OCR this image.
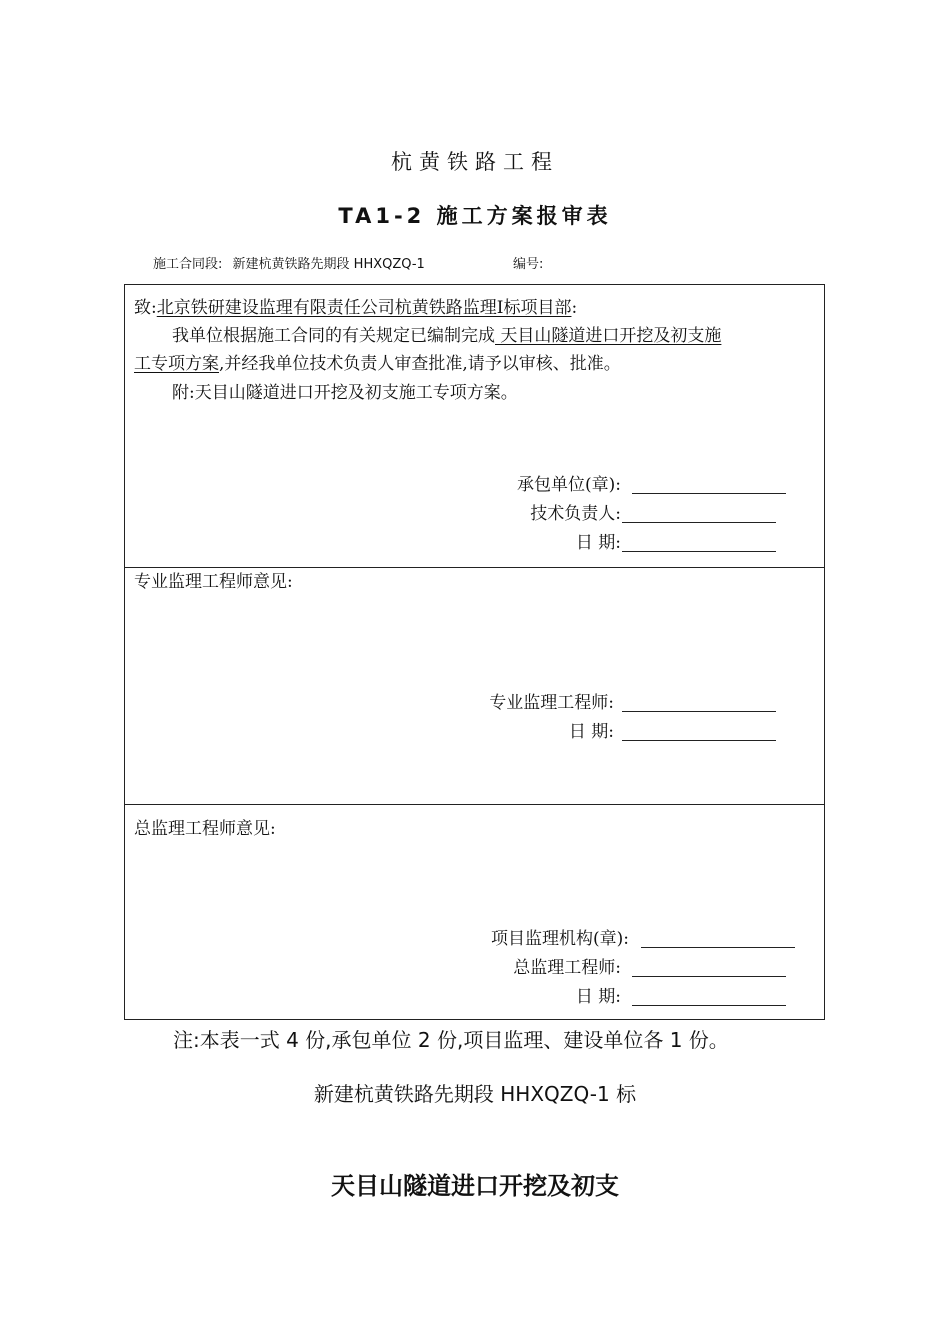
杭黄铁路工程
TA1-2 施工方案报审表
施工合同段: 新建杭黄铁路先期段 HHXQZQ-1	编号:
致:北京铁研建设监理有限责任公司杭黄铁路监理Ⅰ标项目部:
我单位根据施工合同的有关规定已编制完成 天目山隧道进口开挖及初支施
工专项方案,并经我单位技术负责人审查批准,请予以审核、批准。
附:天目山隧道进口开挖及初支施工专项方案。
承包单位(章):
技术负责人:
日 期:
专业监理工程师意见:
专业监理工程师:
日 期:
总监理工程师意见:
项目监理机构(章):
总监理工程师:
日 期:
注:本表一式 4 份,承包单位 2 份,项目监理、建设单位各 1 份。
新建杭黄铁路先期段 HHXQZQ-1 标
天目山隧道进口开挖及初支
